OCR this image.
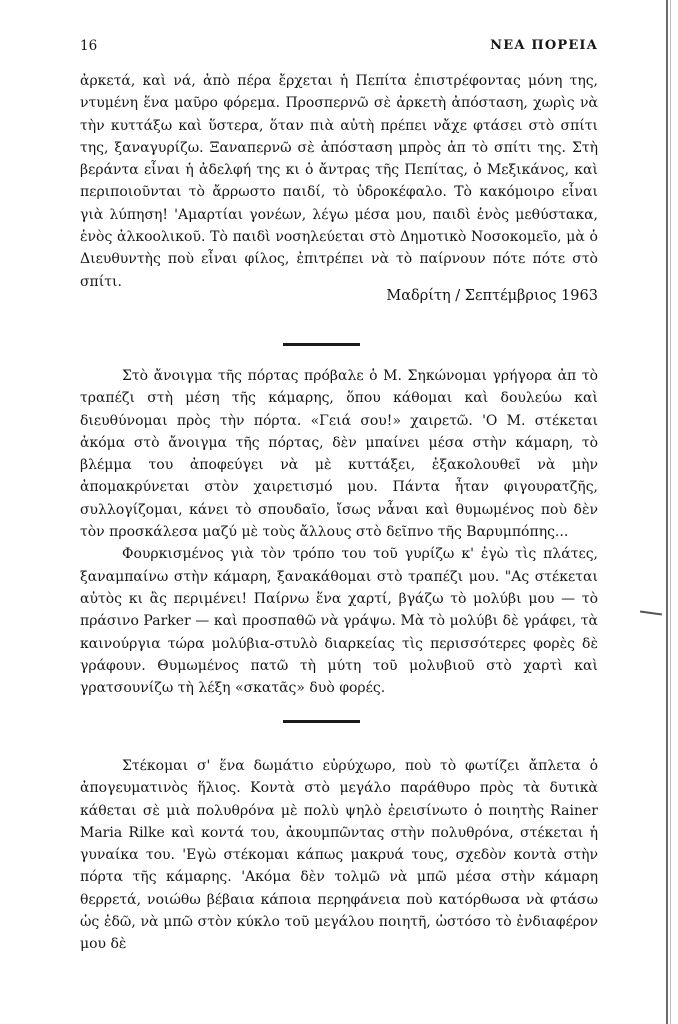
16	ΝΕΑ ΠΟΡΕΙΑ

ἀρκετά, καὶ νά, ἀπὸ πέρα ἔρχεται ἡ Πεπίτα ἐπιστρέφοντας μόνη της, ντυμένη ἕνα μαῦρο φόρεμα. Προσπερνῶ σὲ ἀρκετὴ ἀπόσταση, χωρὶς νὰ τὴν κυττάξω καὶ ὕστερα, ὅταν πιὰ αὐτὴ πρέπει νἄχε φτάσει στὸ σπίτι της, ξαναγυρίζω. Ξαναπερνῶ σὲ ἀπόσταση μπρὸς ἀπ τὸ σπίτι της. Στὴ βεράντα εἶναι ἡ ἀδελφή της κι ὁ ἄντρας τῆς Πεπίτας, ὁ Μεξικάνος, καὶ περιποιοῦνται τὸ ἄρρωστο παιδί, τὸ ὑδροκέφαλο. Τὸ κακόμοιρο εἶναι γιὰ λύπηση! 'Αμαρτίαι γονέων, λέγω μέσα μου, παιδὶ ἑνὸς μεθύστακα, ἑνὸς ἀλκοολικοῦ. Τὸ παιδὶ νοσηλεύεται στὸ Δημοτικὸ Νοσοκομεῖο, μὰ ὁ Διευθυντὴς ποὺ εἶναι φίλος, ἐπιτρέπει νὰ τὸ παίρνουν πότε πότε στὸ σπίτι.

Μαδρίτη / Σεπτέμβριος 1963

Στὸ ἄνοιγμα τῆς πόρτας πρόβαλε ὁ Μ. Σηκώνομαι γρήγορα ἀπ τὸ τραπέζι στὴ μέση τῆς κάμαρης, ὅπου κάθομαι καὶ δουλεύω καὶ διευθύνομαι πρὸς τὴν πόρτα. «Γειά σου!» χαιρετῶ. 'Ο Μ. στέκεται ἀκόμα στὸ ἄνοιγμα τῆς πόρτας, δὲν μπαίνει μέσα στὴν κάμαρη, τὸ βλέμμα του ἀποφεύγει νὰ μὲ κυττάξει, ἐξακολουθεῖ νὰ μὴν ἀπομακρύνεται στὸν χαιρετισμό μου. Πάντα ἦταν φιγουρατζῆς, συλλογίζομαι, κάνει τὸ σπουδαῖο, ἴσως νἆναι καὶ θυμωμένος ποὺ δὲν τὸν προσκάλεσα μαζύ μὲ τοὺς ἄλλους στὸ δεῖπνο τῆς Βαρυμπόπης...

Φουρκισμένος γιὰ τὸν τρόπο του τοῦ γυρίζω κ' ἐγὼ τὶς πλάτες, ξαναμπαίνω στὴν κάμαρη, ξανακάθομαι στὸ τραπέζι μου. "Ας στέκεται αὐτὸς κι ἂς περιμένει! Παίρνω ἕνα χαρτί, βγάζω τὸ μολύβι μου — τὸ πράσινο Parker — καὶ προσπαθῶ νὰ γράψω. Μὰ τὸ μολύβι δὲ γράφει, τὰ καινούργια τώρα μολύβια-στυλὸ διαρκείας τὶς περισσότερες φορὲς δὲ γράφουν. Θυμωμένος πατῶ τὴ μύτη τοῦ μολυβιοῦ στὸ χαρτὶ καὶ γρατσουνίζω τὴ λέξη «σκατᾶς» δυὸ φορές.

Στέκομαι σ' ἕνα δωμάτιο εὐρύχωρο, ποὺ τὸ φωτίζει ἄπλετα ὁ ἀπογευματινὸς ἥλιος. Κοντὰ στὸ μεγάλο παράθυρο πρὸς τὰ δυτικὰ κάθεται σὲ μιὰ πολυθρόνα μὲ πολὺ ψηλὸ ἐρεισίνωτο ὁ ποιητὴς Rainer Maria Rilke καὶ κοντά του, ἀκουμπῶντας στὴν πολυθρόνα, στέκεται ἡ γυναίκα του. 'Εγὼ στέκομαι κάπως μακρυά τους, σχεδὸν κοντὰ στὴν πόρτα τῆς κάμαρης. 'Ακόμα δὲν τολμῶ νὰ μπῶ μέσα στὴν κάμαρη θερρετά, νοιώθω βέβαια κάποια περηφάνεια ποὺ κατόρθωσα νὰ φτάσω ὡς ἐδῶ, νὰ μπῶ στὸν κύκλο τοῦ μεγάλου ποιητῆ, ὡστόσο τὸ ἐνδιαφέρον μου δὲ
